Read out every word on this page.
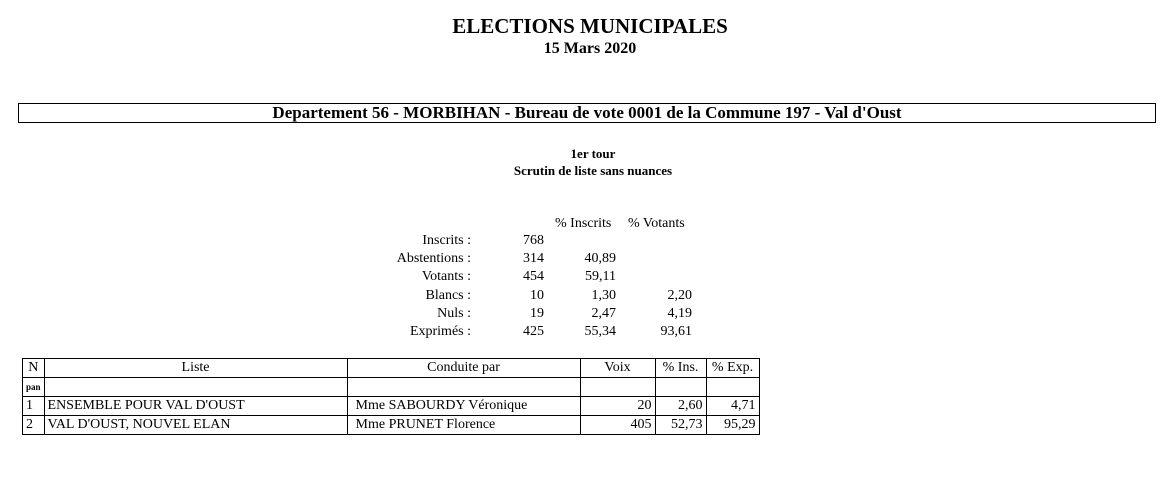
ELECTIONS MUNICIPALES
15 Mars 2020
Departement 56 - MORBIHAN - Bureau de vote 0001 de la Commune 197 - Val d'Oust
1er tour
Scrutin de liste sans nuances
% Inscrits % Votants
Inscrits :	768
Abstentions :	314	40,89
Votants :	454	59,11
Blancs :	10	1,30	2,20
Nuls :	19	2,47	4,19
Exprimés :	425	55,34	93,61
N	Liste	Conduite par	Voix	% Ins.	% Exp.
pan					
1	ENSEMBLE POUR VAL D'OUST	Mme SABOURDY Véronique	20	2,60	4,71
2	VAL D'OUST, NOUVEL ELAN	Mme PRUNET Florence	405	52,73	95,29
